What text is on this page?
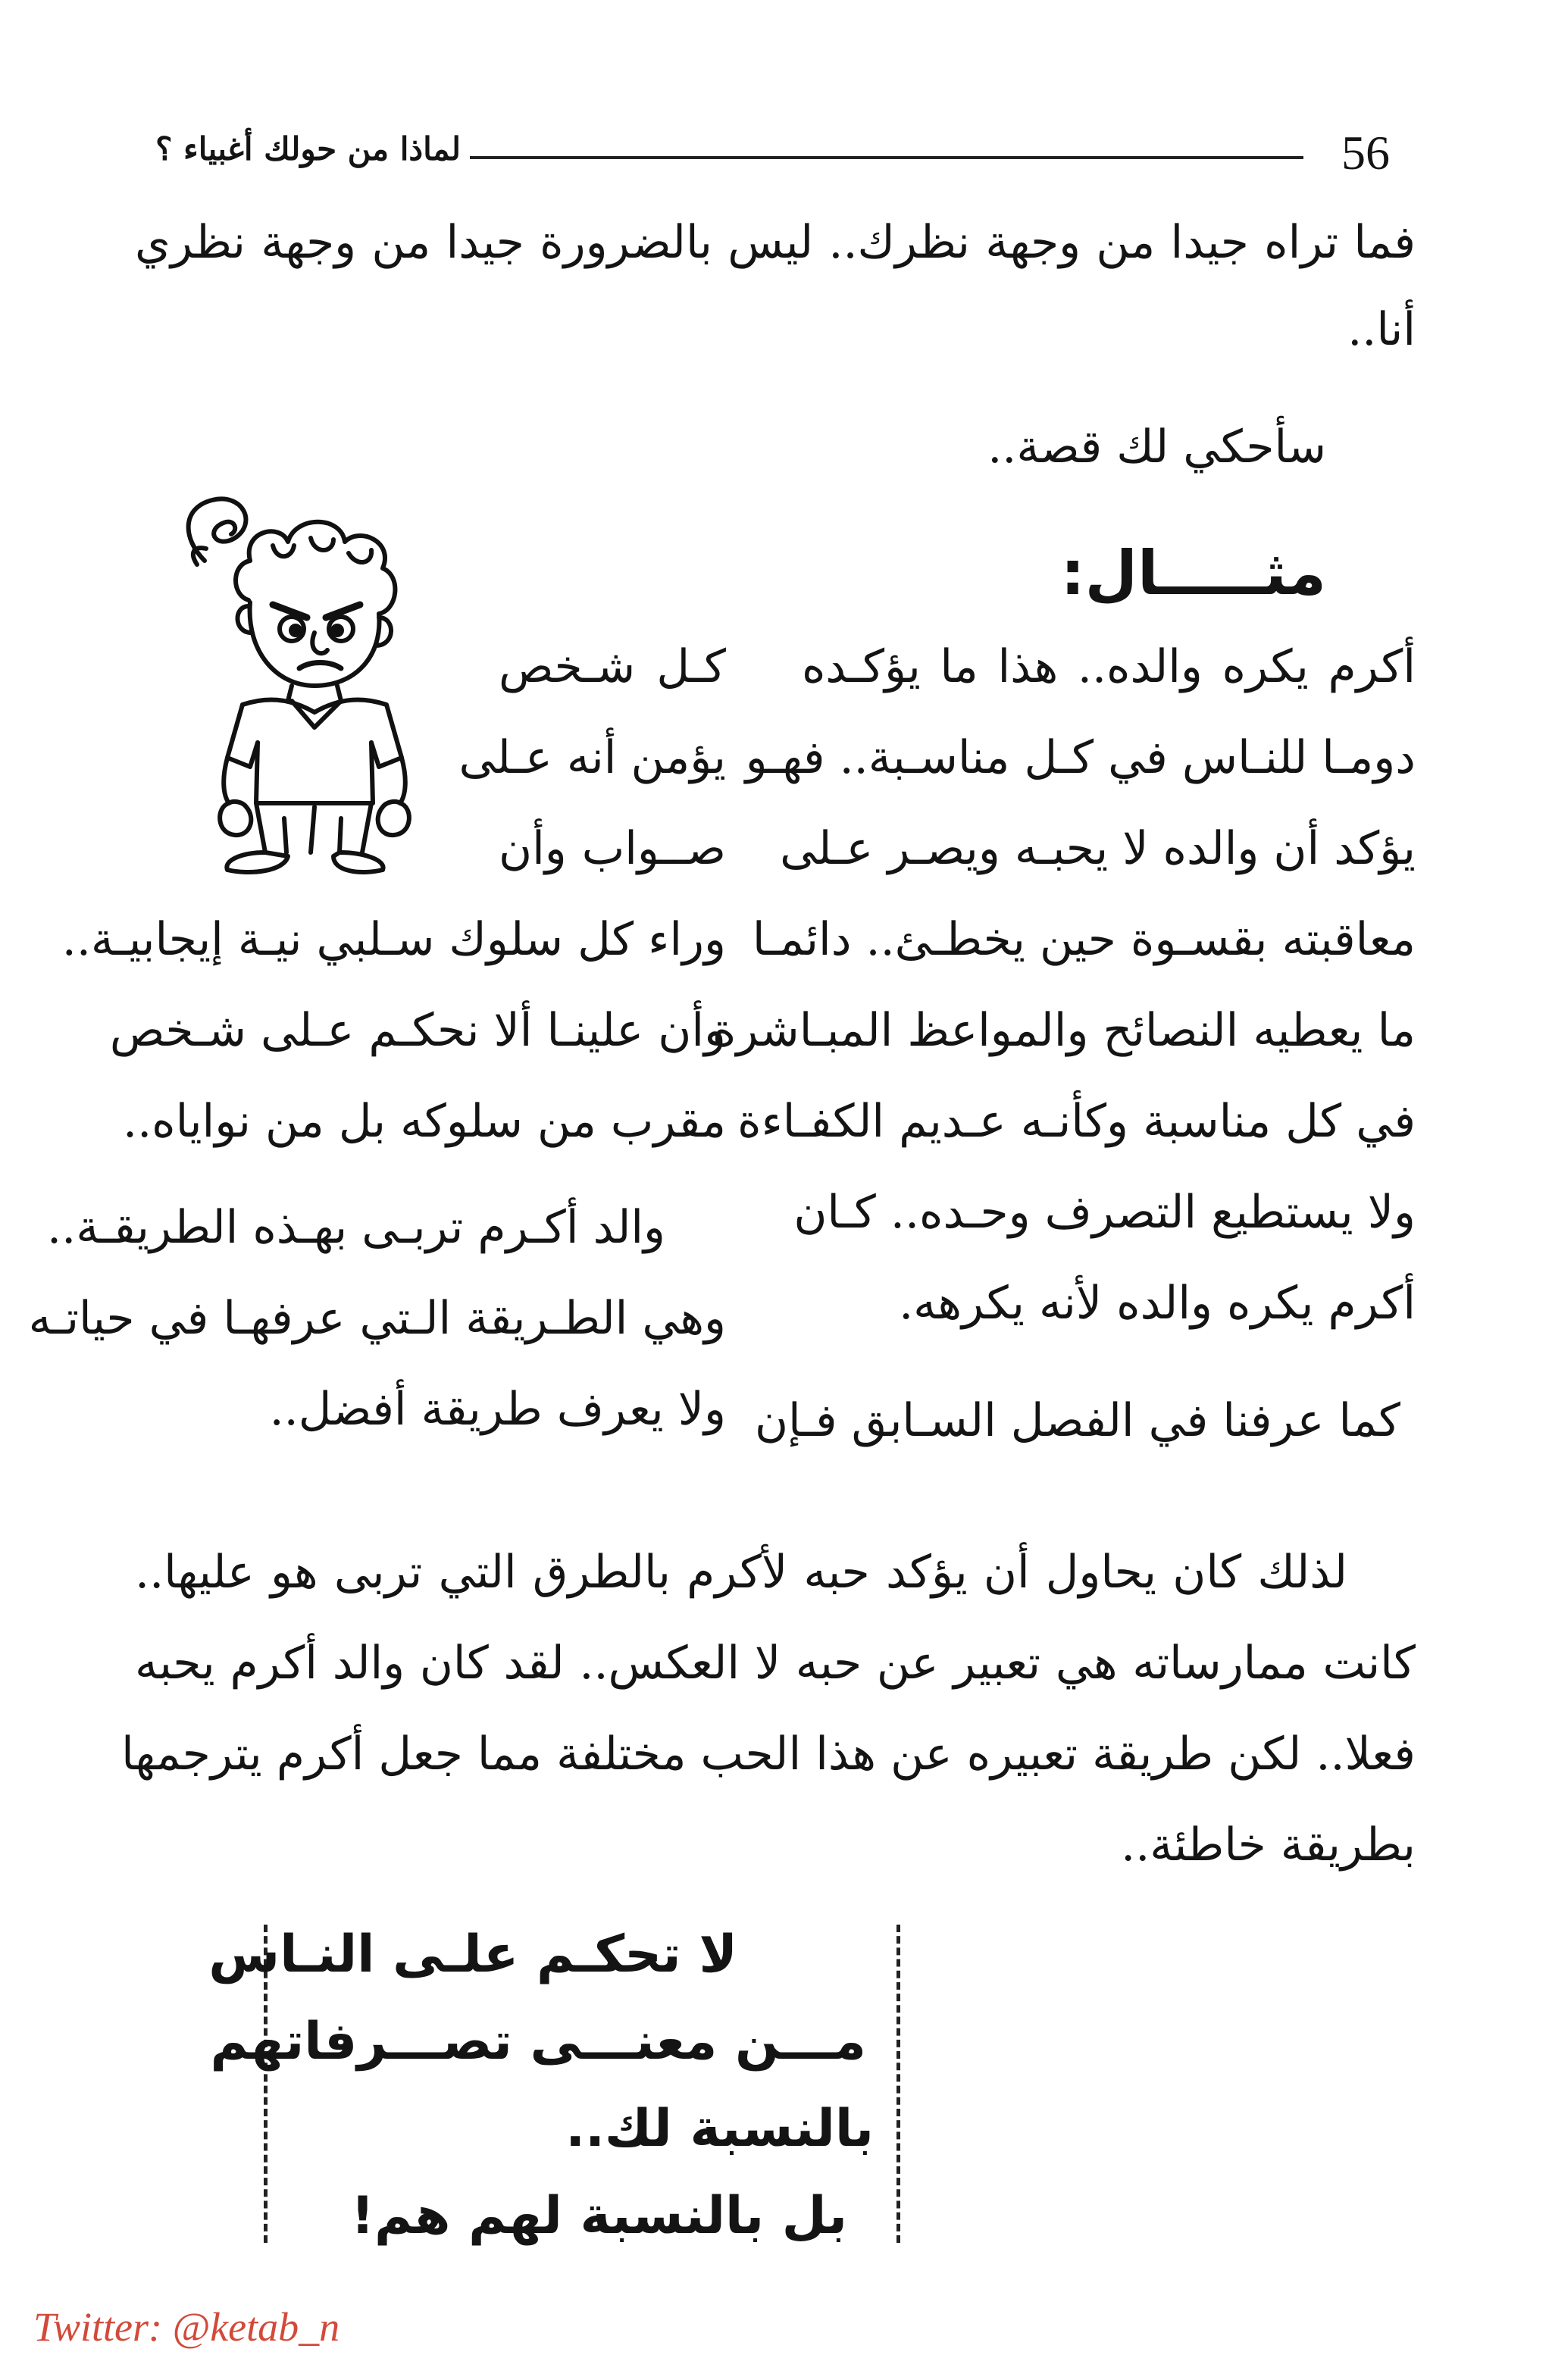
56
لماذا من حولك أغبياء ؟
فما تراه جيدا من وجهة نظرك.. ليس بالضرورة جيدا من وجهة نظري
أنا..
سأحكي لك قصة..
مثـــــال:
أكرم يكره والده.. هذا ما يؤكـده
دومـا للنـاس في كـل مناسـبة.. فهـو
يؤكد أن والده لا يحبـه ويصـر عـلى
معاقبته بقسـوة حين يخطـئ.. دائمـا
ما يعطيه النصائح والمواعظ المبـاشرة
في كل مناسبة وكأنـه عـديم الكفـاءة
ولا يستطيع التصرف وحـده.. كـان
أكرم يكره والده لأنه يكرهه.
كما عرفنا في الفصل السـابق فـإن
كـل شـخص
يؤمن أنه عـلى
صــواب وأن
وراء كل سلوك سـلبي نيـة إيجابيـة..
وأن علينـا ألا نحكـم عـلى شـخص
مقرب من سلوكه بل من نواياه..
والد أكـرم تربـى بهـذه الطريقـة..
وهي الطـريقة الـتي عرفهـا في حياتـه
ولا يعرف طريقة أفضل..
لذلك كان يحاول أن يؤكد حبه لأكرم بالطرق التي تربى هو عليها..
كانت ممارساته هي تعبير عن حبه لا العكس.. لقد كان والد أكرم يحبه
فعلا.. لكن طريقة تعبيره عن هذا الحب مختلفة مما جعل أكرم يترجمها
بطريقة خاطئة..
لا تحكـم علـى النـاس
مـــن معنـــى تصـــرفاتهم
بالنسبة لك..
بل بالنسبة لهم هم!
Twitter: @ketab_n
